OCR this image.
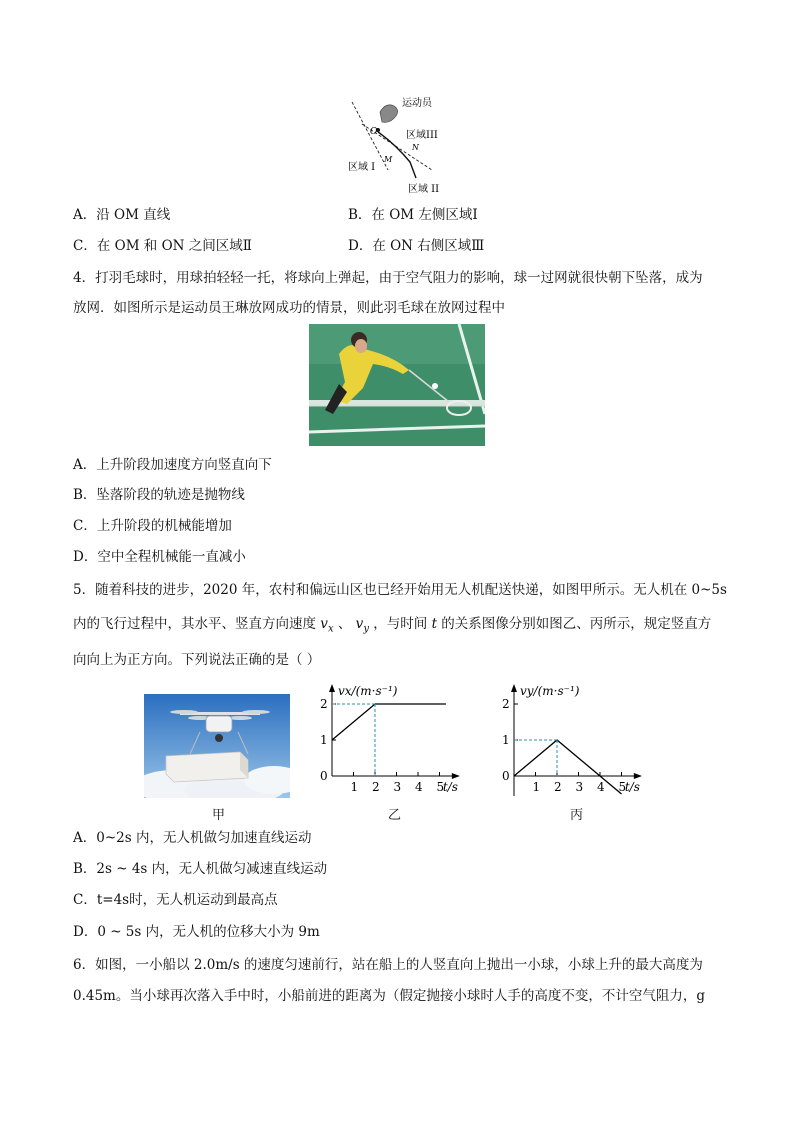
运动员
O
M
N
区域III
区域 I
区域 II
A．沿 OM 直线	B．在 OM 左侧区域Ⅰ
C．在 OM 和 ON 之间区域Ⅱ	D．在 ON 右侧区域Ⅲ
4．打羽毛球时，用球拍轻轻一托，将球向上弹起，由于空气阻力的影响，球一过网就很快朝下坠落，成为
放网．如图所示是运动员王琳放网成功的情景，则此羽毛球在放网过程中
A．上升阶段加速度方向竖直向下
B．坠落阶段的轨迹是抛物线
C．上升阶段的机械能增加
D．空中全程机械能一直减小
5．随着科技的进步，2020 年，农村和偏远山区也已经开始用无人机配送快递，如图甲所示。无人机在 0~5s
内的飞行过程中，其水平、竖直方向速度 $v_x$ 、 $v_y$ ，与时间 t 的关系图像分别如图乙、丙所示，规定竖直方
向向上为正方向。下列说法正确的是（ ）
1 2 3 4 5
0
1
2
vx/(m·s⁻¹)
t/s	1 2 3 4 5
0
1
2
vy/(m·s⁻¹)
t/s
甲	乙	丙
A．0~2s 内，无人机做匀加速直线运动
B．2s ~ 4s 内，无人机做匀减速直线运动
C．t=4s时，无人机运动到最高点
D．0 ~ 5s 内，无人机的位移大小为 9m
6．如图，一小船以 2.0m/s 的速度匀速前行，站在船上的人竖直向上抛出一小球，小球上升的最大高度为
0.45m。当小球再次落入手中时，小船前进的距离为（假定抛接小球时人手的高度不变，不计空气阻力，g
